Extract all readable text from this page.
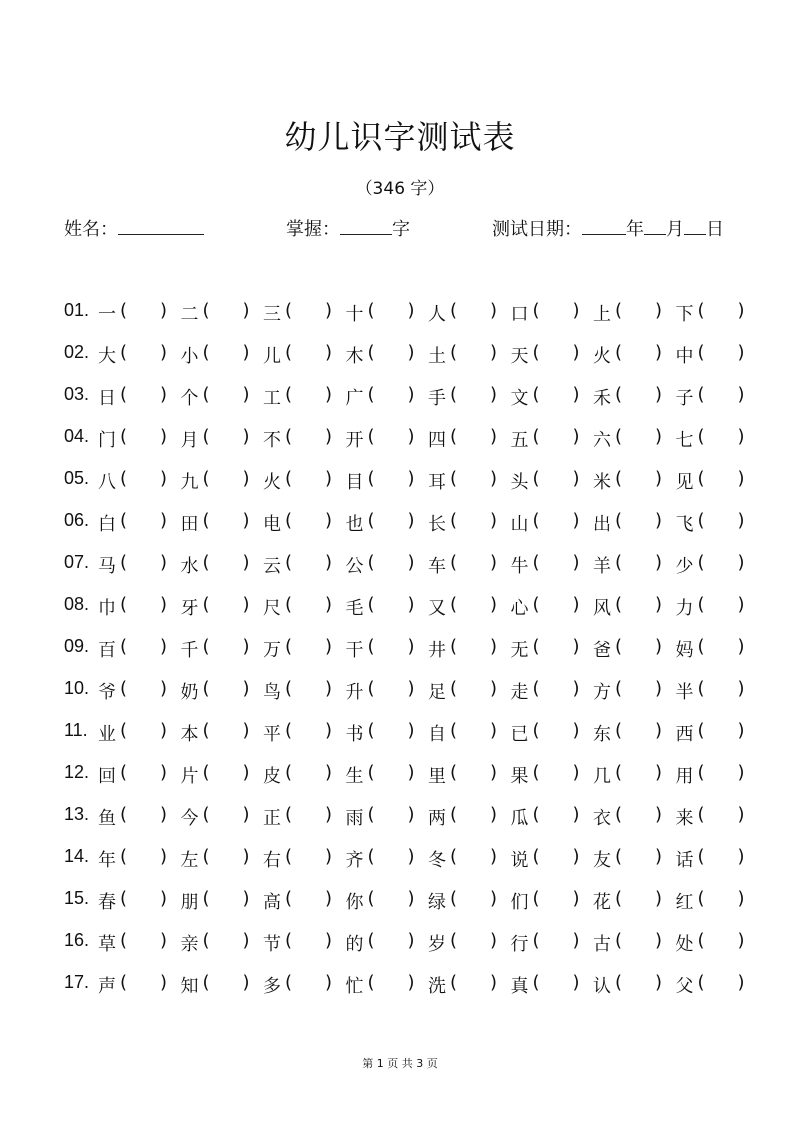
幼儿识字测试表
（346 字）
姓名：	掌握：	字	测试日期： 年 月 日
01. 一 ( ) 二 ( ) 三 ( ) 十 ( ) 人 ( ) 口 ( ) 上 ( ) 下 ( )
02. 大 ( ) 小 ( ) 儿 ( ) 木 ( ) 土 ( ) 天 ( ) 火 ( ) 中 ( )
03. 日 ( ) 个 ( ) 工 ( ) 广 ( ) 手 ( ) 文 ( ) 禾 ( ) 子 ( )
04. 门 ( ) 月 ( ) 不 ( ) 开 ( ) 四 ( ) 五 ( ) 六 ( ) 七 ( )
05. 八 ( ) 九 ( ) 火 ( ) 目 ( ) 耳 ( ) 头 ( ) 米 ( ) 见 ( )
06. 白 ( ) 田 ( ) 电 ( ) 也 ( ) 长 ( ) 山 ( ) 出 ( ) 飞 ( )
07. 马 ( ) 水 ( ) 云 ( ) 公 ( ) 车 ( ) 牛 ( ) 羊 ( ) 少 ( )
08. 巾 ( ) 牙 ( ) 尺 ( ) 毛 ( ) 又 ( ) 心 ( ) 风 ( ) 力 ( )
09. 百 ( ) 千 ( ) 万 ( ) 干 ( ) 井 ( ) 无 ( ) 爸 ( ) 妈 ( )
10. 爷 ( ) 奶 ( ) 鸟 ( ) 升 ( ) 足 ( ) 走 ( ) 方 ( ) 半 ( )
11. 业 ( ) 本 ( ) 平 ( ) 书 ( ) 自 ( ) 已 ( ) 东 ( ) 西 ( )
12. 回 ( ) 片 ( ) 皮 ( ) 生 ( ) 里 ( ) 果 ( ) 几 ( ) 用 ( )
13. 鱼 ( ) 今 ( ) 正 ( ) 雨 ( ) 两 ( ) 瓜 ( ) 衣 ( ) 来 ( )
14. 年 ( ) 左 ( ) 右 ( ) 齐 ( ) 冬 ( ) 说 ( ) 友 ( ) 话 ( )
15. 春 ( ) 朋 ( ) 高 ( ) 你 ( ) 绿 ( ) 们 ( ) 花 ( ) 红 ( )
16. 草 ( ) 亲 ( ) 节 ( ) 的 ( ) 岁 ( ) 行 ( ) 古 ( ) 处 ( )
17. 声 ( ) 知 ( ) 多 ( ) 忙 ( ) 洗 ( ) 真 ( ) 认 ( ) 父 ( )
第 1 页 共 3 页
